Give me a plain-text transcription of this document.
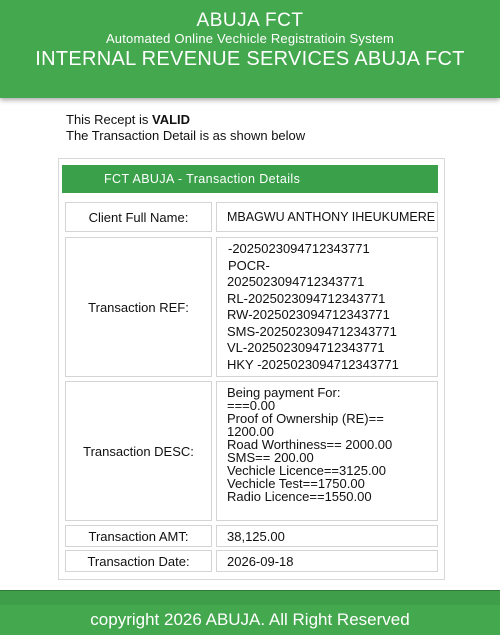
ABUJA FCT
Automated Online Vechicle Registratioin System
INTERNAL REVENUE SERVICES ABUJA FCT
This Recept is VALID
The Transaction Detail is as shown below
FCT ABUJA - Transaction Details
Client Full Name:	MBAGWU ANTHONY IHEUKUMERE
Transaction REF:
-2025023094712343771
POCR-
2025023094712343771
RL-2025023094712343771
RW-2025023094712343771
SMS-2025023094712343771
VL-2025023094712343771
HKY -2025023094712343771
Transaction DESC:
Being payment For:
===0.00
Proof of Ownership (RE)==
1200.00
Road Worthiness== 2000.00
SMS== 200.00
Vechicle Licence==3125.00
Vechicle Test==1750.00
Radio Licence==1550.00
Transaction AMT:	38,125.00
Transaction Date:	2026-09-18
copyright 2026 ABUJA. All Right Reserved
